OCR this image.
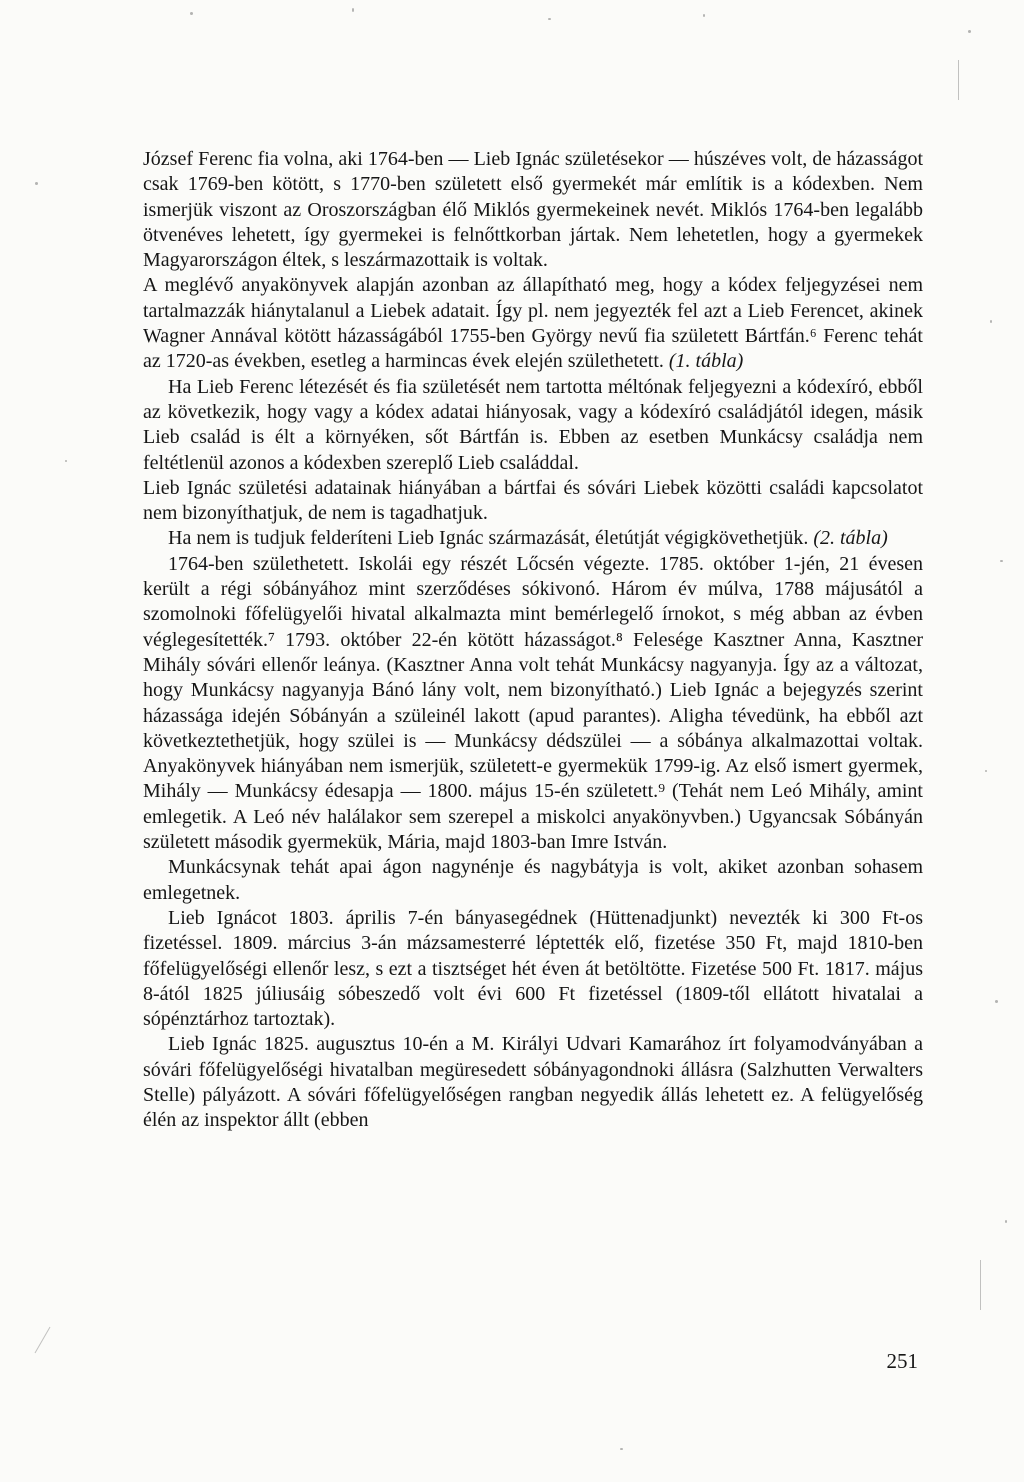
József Ferenc fia volna, aki 1764-ben — Lieb Ignác születésekor — húszéves volt, de házasságot csak 1769-ben kötött, s 1770-ben született első gyermekét már említik is a kódexben. Nem ismerjük viszont az Oroszországban élő Miklós gyermekeinek nevét. Miklós 1764-ben legalább ötvenéves lehetett, így gyermekei is felnőttkorban jártak. Nem lehetetlen, hogy a gyermekek Magyarországon éltek, s leszármazottaik is voltak.

A meglévő anyakönyvek alapján azonban az állapítható meg, hogy a kódex feljegyzései nem tartalmazzák hiánytalanul a Liebek adatait. Így pl. nem jegyezték fel azt a Lieb Ferencet, akinek Wagner Annával kötött házasságából 1755-ben György nevű fia született Bártfán.⁶ Ferenc tehát az 1720-as években, esetleg a harmincas évek elején születhetett. (1. tábla)

Ha Lieb Ferenc létezését és fia születését nem tartotta méltónak feljegyezni a kódexíró, ebből az következik, hogy vagy a kódex adatai hiányosak, vagy a kódexíró családjától idegen, másik Lieb család is élt a környéken, sőt Bártfán is. Ebben az esetben Munkácsy családja nem feltétlenül azonos a kódexben szereplő Lieb családdal.

Lieb Ignác születési adatainak hiányában a bártfai és sóvári Liebek közötti családi kapcsolatot nem bizonyíthatjuk, de nem is tagadhatjuk.

Ha nem is tudjuk felderíteni Lieb Ignác származását, életútját végigkövethetjük. (2. tábla)

1764-ben születhetett. Iskolái egy részét Lőcsén végezte. 1785. október 1-jén, 21 évesen került a régi sóbányához mint szerződéses sókivonó. Három év múlva, 1788 májusától a szomolnoki főfelügyelői hivatal alkalmazta mint bemérlegelő írnokot, s még abban az évben véglegesítették.⁷ 1793. október 22-én kötött házasságot.⁸ Felesége Kasztner Anna, Kasztner Mihály sóvári ellenőr leánya. (Kasztner Anna volt tehát Munkácsy nagyanyja. Így az a változat, hogy Munkácsy nagyanyja Bánó lány volt, nem bizonyítható.) Lieb Ignác a bejegyzés szerint házassága idején Sóbányán a szüleinél lakott (apud parantes). Aligha tévedünk, ha ebből azt következtethetjük, hogy szülei is — Munkácsy dédszülei — a sóbánya alkalmazottai voltak. Anyakönyvek hiányában nem ismerjük, született-e gyermekük 1799-ig. Az első ismert gyermek, Mihály — Munkácsy édesapja — 1800. május 15-én született.⁹ (Tehát nem Leó Mihály, amint emlegetik. A Leó név halálakor sem szerepel a miskolci anyakönyvben.) Ugyancsak Sóbányán született második gyermekük, Mária, majd 1803-ban Imre István.

Munkácsynak tehát apai ágon nagynénje és nagybátyja is volt, akiket azonban sohasem emlegetnek.

Lieb Ignácot 1803. április 7-én bányasegédnek (Hüttenadjunkt) nevezték ki 300 Ft-os fizetéssel. 1809. március 3-án mázsamesterré léptették elő, fizetése 350 Ft, majd 1810-ben főfelügyelőségi ellenőr lesz, s ezt a tisztséget hét éven át betöltötte. Fizetése 500 Ft. 1817. május 8-ától 1825 júliusáig sóbeszedő volt évi 600 Ft fizetéssel (1809-től ellátott hivatalai a sópénztárhoz tartoztak).

Lieb Ignác 1825. augusztus 10-én a M. Királyi Udvari Kamarához írt folyamodványában a sóvári főfelügyelőségi hivatalban megüresedett sóbányagondnoki állásra (Salzhutten Verwalters Stelle) pályázott. A sóvári főfelügyelőségen rangban negyedik állás lehetett ez. A felügyelőség élén az inspektor állt (ebben

251
